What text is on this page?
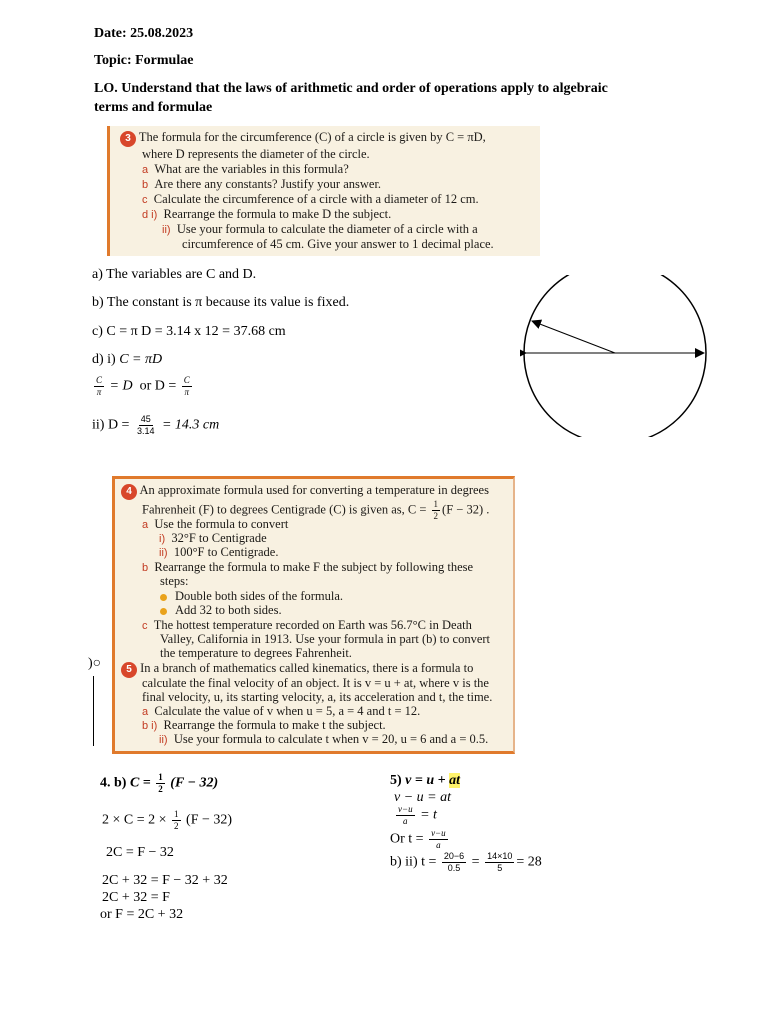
Date: 25.08.2023
Topic: Formulae
LO. Understand that the laws of arithmetic and order of operations apply to algebraic
terms and formulae
3 The formula for the circumference (C) of a circle is given by C = πD,
where D represents the diameter of the circle.
a What are the variables in this formula?
b Are there any constants? Justify your answer.
c Calculate the circumference of a circle with a diameter of 12 cm.
d i) Rearrange the formula to make D the subject.
ii) Use your formula to calculate the diameter of a circle with a
circumference of 45 cm. Give your answer to 1 decimal place.
a) The variables are C and D.
b) The constant is π because its value is fixed.
c) C = π D = 3.14 x 12 = 37.68 cm
d) i) C = πD
$\frac{C}{\pi} = D$ or $D = \frac{C}{\pi}$
ii) $D = \frac{45}{3.14} = 14.3$ cm
)○
4 An approximate formula used for converting a temperature in degrees
Fahrenheit (F) to degrees Centigrade (C) is given as, $C = \frac{1}{2} (F - 32)$ .
a Use the formula to convert
i) 32°F to Centigrade
ii) 100°F to Centigrade.
b Rearrange the formula to make F the subject by following these
steps:
Double both sides of the formula.
Add 32 to both sides.
c The hottest temperature recorded on Earth was 56.7°C in Death
Valley, California in 1913. Use your formula in part (b) to convert
the temperature to degrees Fahrenheit.
5 In a branch of mathematics called kinematics, there is a formula to
calculate the final velocity of an object. It is v = u + at, where v is the
final velocity, u, its starting velocity, a, its acceleration and t, the time.
a Calculate the value of v when u = 5, a = 4 and t = 12.
b i) Rearrange the formula to make t the subject.
ii) Use your formula to calculate t when v = 20, u = 6 and a = 0.5.
4. b) $C = \frac{1}{2} (F - 32)$
$2 \times C = 2 \times \frac{1}{2} (F - 32)$
2C = F − 32
2C + 32 = F − 32 + 32
2C + 32 = F
or F = 2C + 32
5) v = u + at
v − u = at
$\frac{v-u}{a} = t$
Or $t = \frac{v-u}{a}$
b) ii) $t = \frac{20-6}{0.5} = \frac{14\times 10}{5} = 28$
